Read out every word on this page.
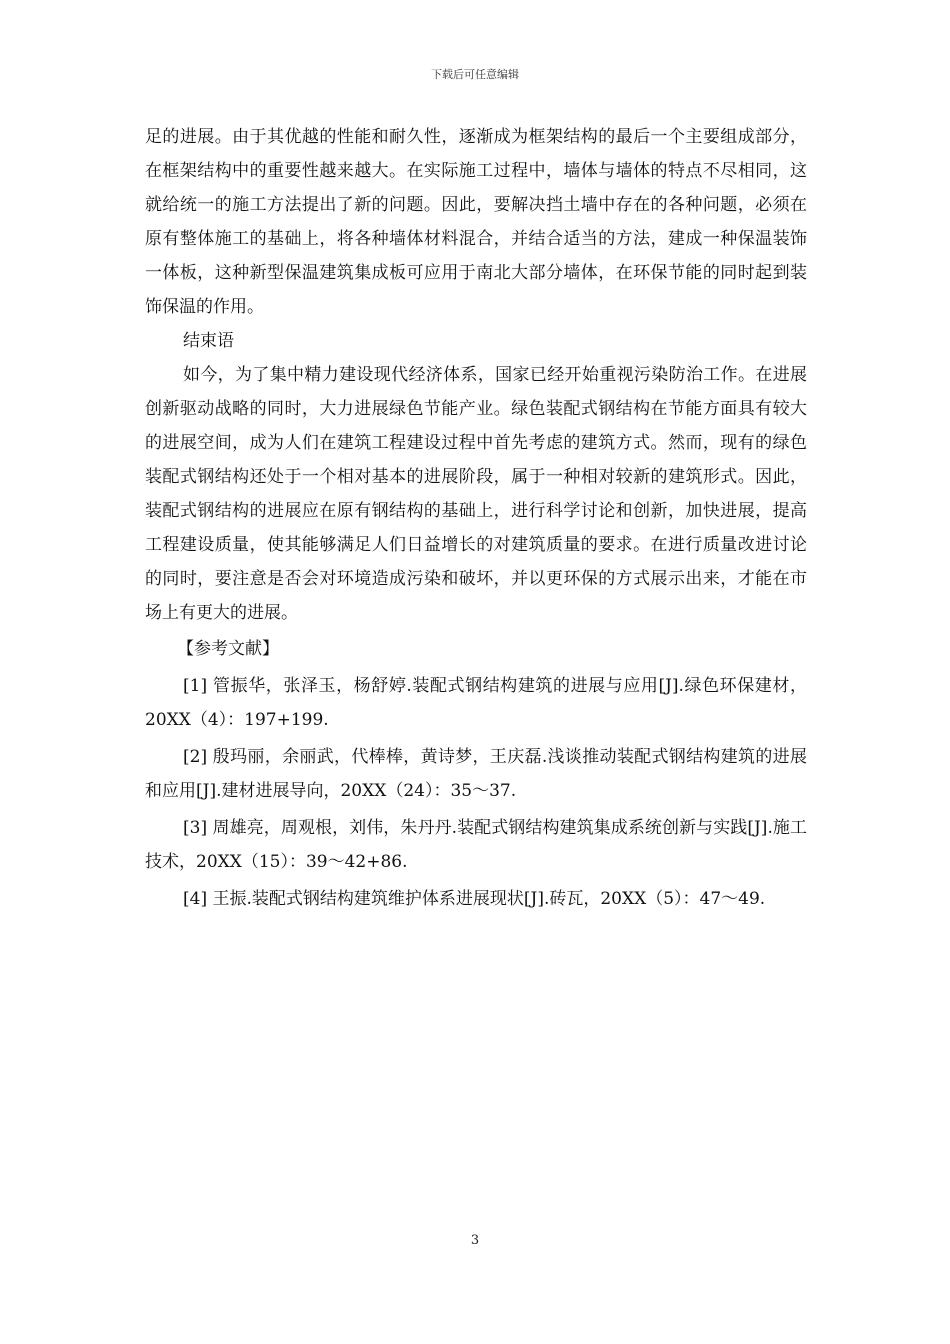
下载后可任意编辑

足的进展。由于其优越的性能和耐久性，逐渐成为框架结构的最后一个主要组成部分，在框架结构中的重要性越来越大。在实际施工过程中，墙体与墙体的特点不尽相同，这就给统一的施工方法提出了新的问题。因此，要解决挡土墙中存在的各种问题，必须在原有整体施工的基础上，将各种墙体材料混合，并结合适当的方法，建成一种保温装饰一体板，这种新型保温建筑集成板可应用于南北大部分墙体，在环保节能的同时起到装饰保温的作用。

结束语

如今，为了集中精力建设现代经济体系，国家已经开始重视污染防治工作。在进展创新驱动战略的同时，大力进展绿色节能产业。绿色装配式钢结构在节能方面具有较大的进展空间，成为人们在建筑工程建设过程中首先考虑的建筑方式。然而，现有的绿色装配式钢结构还处于一个相对基本的进展阶段，属于一种相对较新的建筑形式。因此，装配式钢结构的进展应在原有钢结构的基础上，进行科学讨论和创新，加快进展，提高工程建设质量，使其能够满足人们日益增长的对建筑质量的要求。在进行质量改进讨论的同时，要注意是否会对环境造成污染和破坏，并以更环保的方式展示出来，才能在市场上有更大的进展。

【参考文献】

[1] 管振华，张泽玉，杨舒婷.装配式钢结构建筑的进展与应用[J].绿色环保建材，20XX（4）：197+199.

[2] 殷玛丽，余丽武，代棒棒，黄诗梦，王庆磊.浅谈推动装配式钢结构建筑的进展和应用[J].建材进展导向，20XX（24）：35～37.

[3] 周雄亮，周观根，刘伟，朱丹丹.装配式钢结构建筑集成系统创新与实践[J].施工技术，20XX（15）：39～42+86.

[4] 王振.装配式钢结构建筑维护体系进展现状[J].砖瓦，20XX（5）：47～49.

3
